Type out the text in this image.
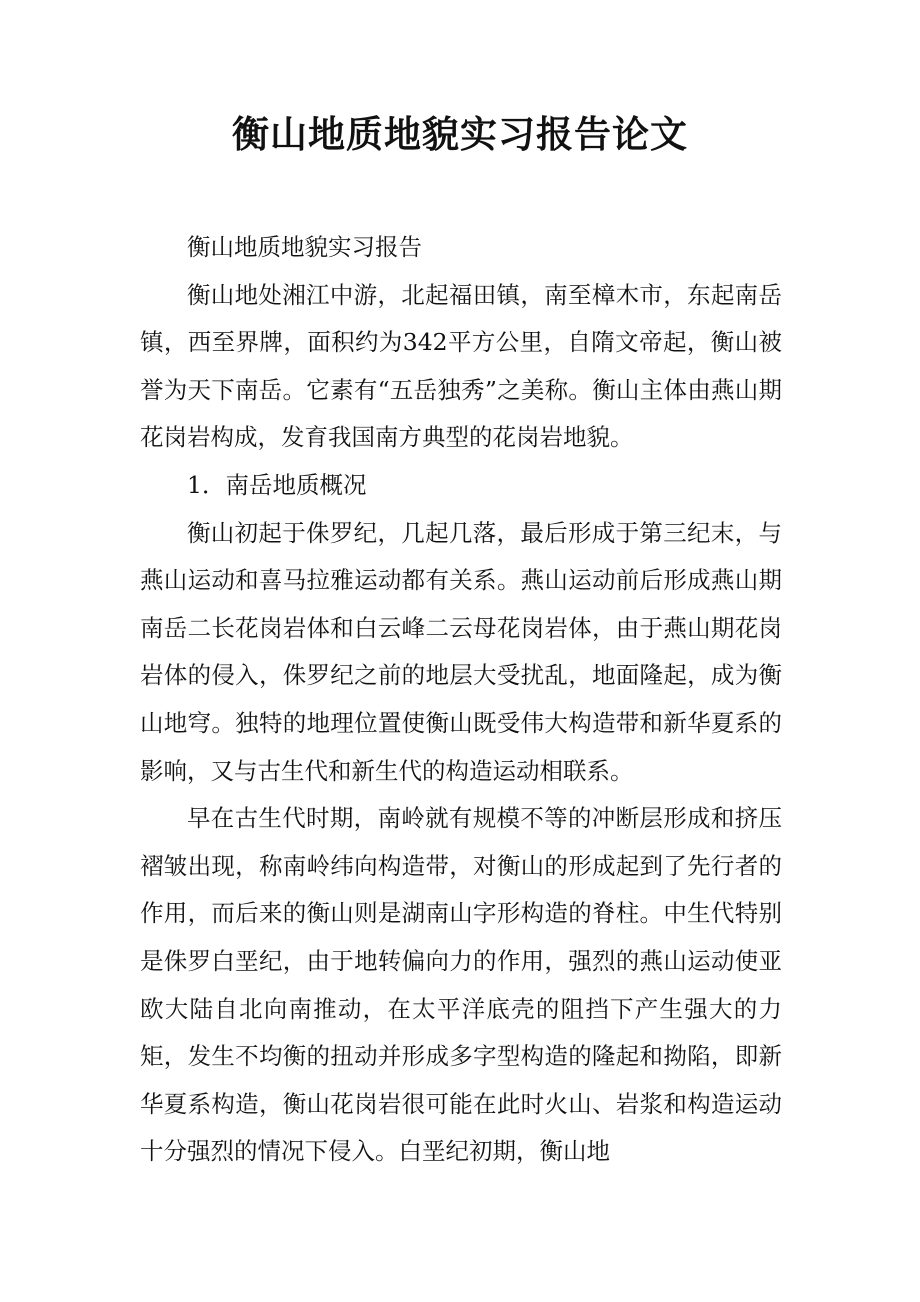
衡山地质地貌实习报告论文

衡山地质地貌实习报告

衡山地处湘江中游，北起福田镇，南至樟木市，东起南岳镇，西至界牌，面积约为342平方公里，自隋文帝起，衡山被誉为天下南岳。它素有“五岳独秀”之美称。衡山主体由燕山期花岗岩构成，发育我国南方典型的花岗岩地貌。

1．南岳地质概况

衡山初起于侏罗纪，几起几落，最后形成于第三纪末，与燕山运动和喜马拉雅运动都有关系。燕山运动前后形成燕山期南岳二长花岗岩体和白云峰二云母花岗岩体，由于燕山期花岗岩体的侵入，侏罗纪之前的地层大受扰乱，地面隆起，成为衡山地穹。独特的地理位置使衡山既受伟大构造带和新华夏系的影响，又与古生代和新生代的构造运动相联系。

早在古生代时期，南岭就有规模不等的冲断层形成和挤压褶皱出现，称南岭纬向构造带，对衡山的形成起到了先行者的作用，而后来的衡山则是湖南山字形构造的脊柱。中生代特别是侏罗白垩纪，由于地转偏向力的作用，强烈的燕山运动使亚欧大陆自北向南推动，在太平洋底壳的阻挡下产生强大的力矩，发生不均衡的扭动并形成多字型构造的隆起和拗陷，即新华夏系构造，衡山花岗岩很可能在此时火山、岩浆和构造运动十分强烈的情况下侵入。白垩纪初期，衡山地
